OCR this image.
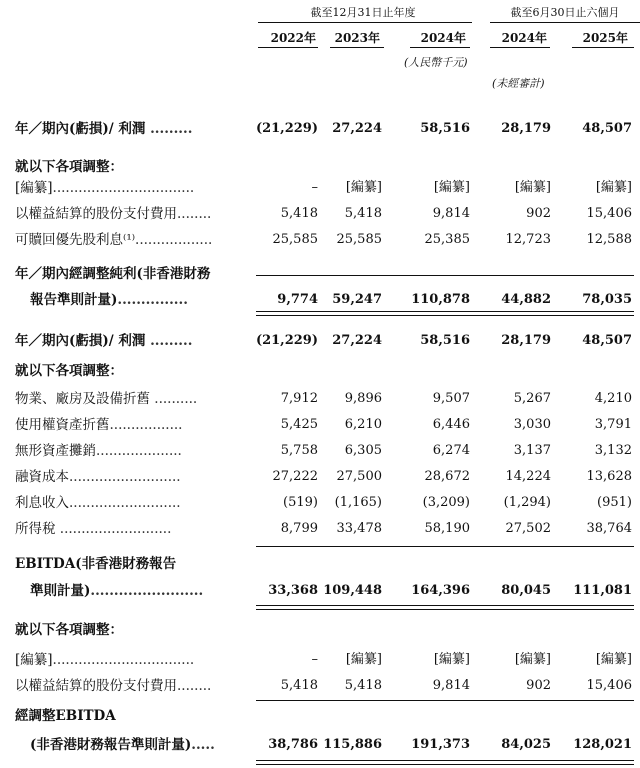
截至12月31日止年度	截至6月30日止六個月
2022年	2023年	2024年	2024年	2025年
(人民幣千元)
(未經審計)
年／期內(虧損)/ 利潤 .........	(21,229)	27,224	58,516	28,179	48,507
就以下各項調整：
[編纂].................................	–	[編纂]	[編纂]	[編纂]	[編纂]
以權益結算的股份支付費用........	5,418	5,418	9,814	902	15,406
可贖回優先股利息⁽¹⁾..................	25,585	25,585	25,385	12,723	12,588
年／期內經調整純利(非香港財務
報告準則計量)...............	9,774	59,247	110,878	44,882	78,035
年／期內(虧損)/ 利潤 .........	(21,229)	27,224	58,516	28,179	48,507
就以下各項調整：
物業、廠房及設備折舊 ..........	7,912	9,896	9,507	5,267	4,210
使用權資產折舊.................	5,425	6,210	6,446	3,030	3,791
無形資產攤銷....................	5,758	6,305	6,274	3,137	3,132
融資成本..........................	27,222	27,500	28,672	14,224	13,628
利息收入..........................	(519)	(1,165)	(3,209)	(1,294)	(951)
所得稅 ..........................	8,799	33,478	58,190	27,502	38,764
EBITDA(非香港財務報告
準則計量)........................	33,368 109,448	164,396	80,045	111,081
就以下各項調整：
[編纂].................................	–	[編纂]	[編纂]	[編纂]	[編纂]
以權益結算的股份支付費用........	5,418	5,418	9,814	902	15,406
經調整EBITDA
(非香港財務報告準則計量).....	38,786 115,886	191,373	84,025	128,021
